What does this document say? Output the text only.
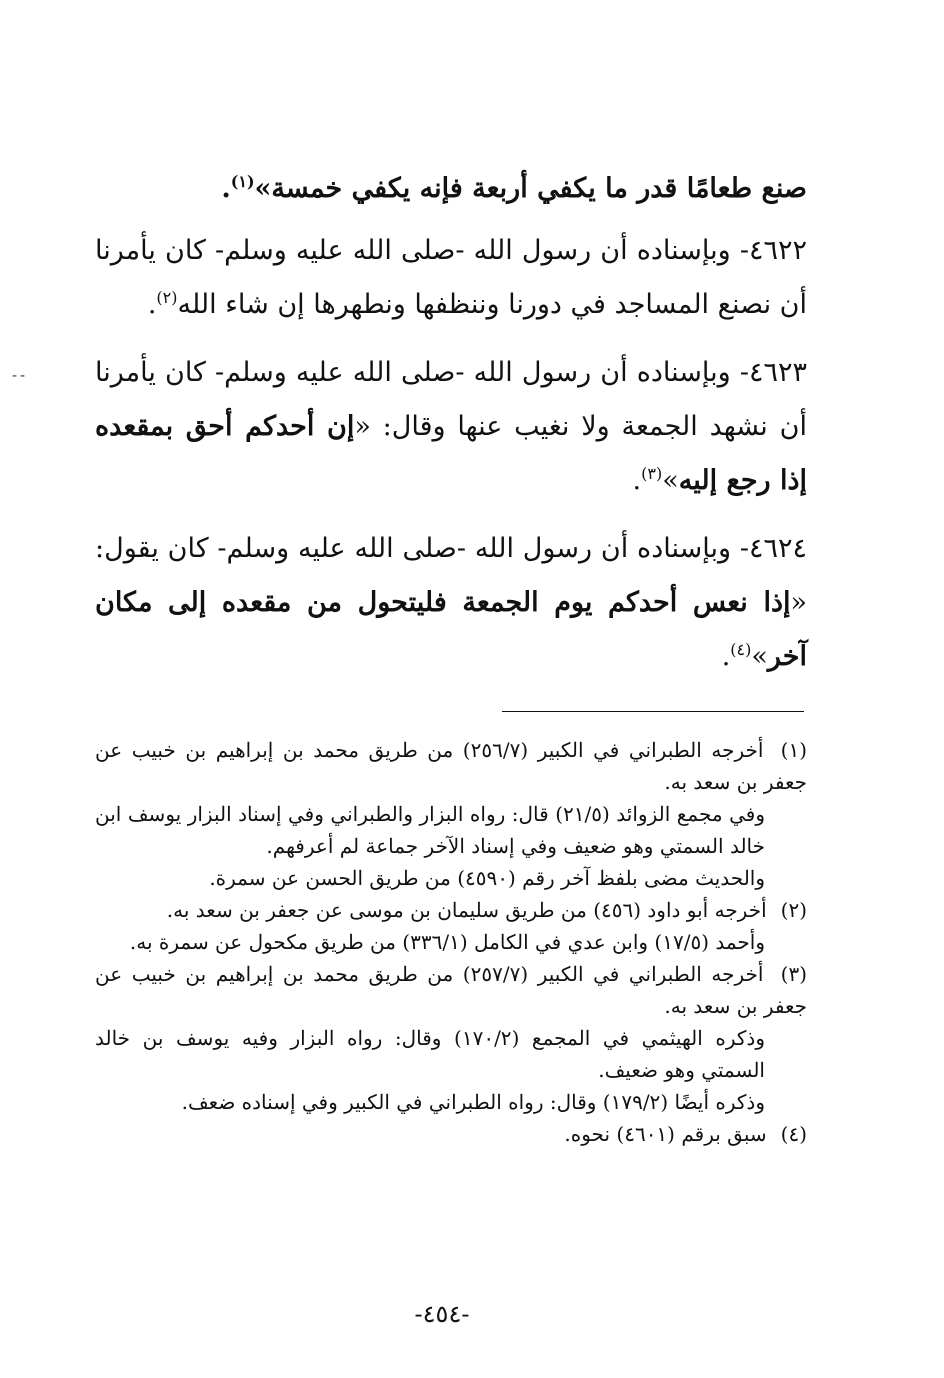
--

صنع طعامًا قدر ما يكفي أربعة فإنه يكفي خمسة»$^{(١)}$.

٤٦٢٢- وبإسناده أن رسول الله -صلى الله عليه وسلم- كان يأمرنا أن نصنع المساجد في دورنا وننظفها ونطهرها إن شاء الله$^{(٢)}$.

٤٦٢٣- وبإسناده أن رسول الله -صلى الله عليه وسلم- كان يأمرنا أن نشهد الجمعة ولا نغيب عنها وقال: «إن أحدكم أحق بمقعده إذا رجع إليه»$^{(٣)}$.

٤٦٢٤- وبإسناده أن رسول الله -صلى الله عليه وسلم- كان يقول: «إذا نعس أحدكم يوم الجمعة فليتحول من مقعده إلى مكان آخر»$^{(٤)}$.

(١) أخرجه الطبراني في الكبير (٢٥٦/٧) من طريق محمد بن إبراهيم بن خبيب عن جعفر بن سعد به.

وفي مجمع الزوائد (٢١/٥) قال: رواه البزار والطبراني وفي إسناد البزار يوسف ابن خالد السمتي وهو ضعيف وفي إسناد الآخر جماعة لم أعرفهم.

والحديث مضى بلفظ آخر رقم (٤٥٩٠) من طريق الحسن عن سمرة.

(٢) أخرجه أبو داود (٤٥٦) من طريق سليمان بن موسى عن جعفر بن سعد به.

وأحمد (١٧/٥) وابن عدي في الكامل (٣٣٦/١) من طريق مكحول عن سمرة به.

(٣) أخرجه الطبراني في الكبير (٢٥٧/٧) من طريق محمد بن إبراهيم بن خبيب عن جعفر بن سعد به.

وذكره الهيثمي في المجمع (١٧٠/٢) وقال: رواه البزار وفيه يوسف بن خالد السمتي وهو ضعيف.

وذكره أيضًا (١٧٩/٢) وقال: رواه الطبراني في الكبير وفي إسناده ضعف.

(٤) سبق برقم (٤٦٠١) نحوه.

-٤٥٤-
